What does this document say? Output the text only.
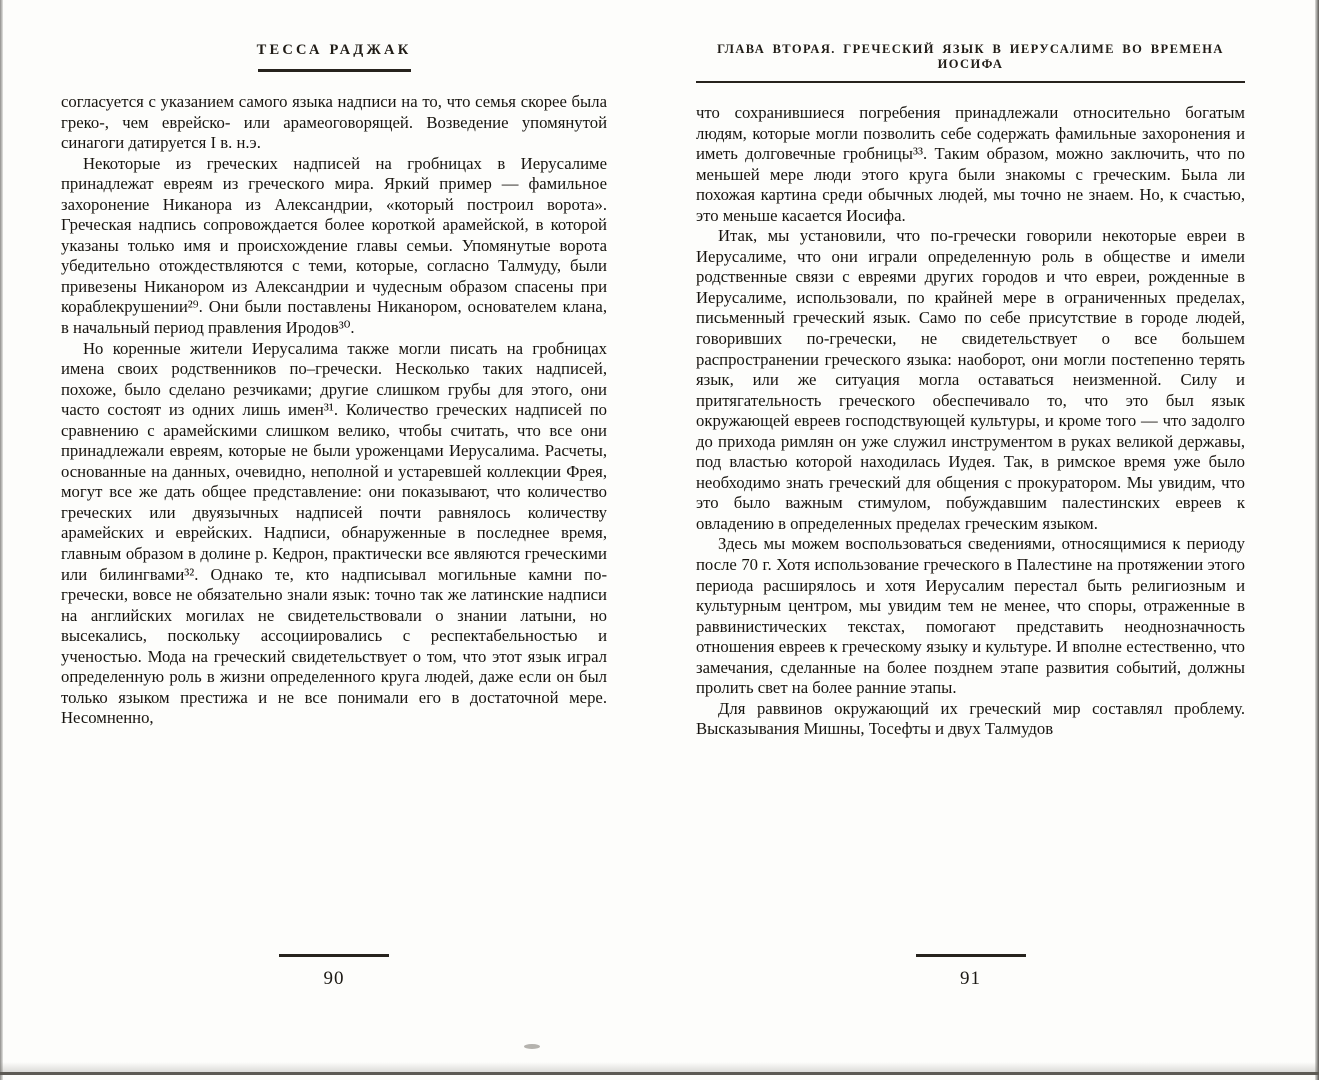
ТЕССА РАДЖАК

согласуется с указанием самого языка надписи на то, что семья скорее была греко-, чем еврейско- или арамеоговорящей. Возведение упомянутой синагоги датируется I в. н.э.

Некоторые из греческих надписей на гробницах в Иерусалиме принадлежат евреям из греческого мира. Яркий пример — фамильное захоронение Никанора из Александрии, «который построил ворота». Греческая надпись сопровождается более короткой арамейской, в которой указаны только имя и происхождение главы семьи. Упомянутые ворота убедительно отождествляются с теми, которые, согласно Талмуду, были привезены Никанором из Александрии и чудесным образом спасены при кораблекрушении²⁹. Они были поставлены Никанором, основателем клана, в начальный период правления Иродов³⁰.

Но коренные жители Иерусалима также могли писать на гробницах имена своих родственников по–гречески. Несколько таких надписей, похоже, было сделано резчиками; другие слишком грубы для этого, они часто состоят из одних лишь имен³¹. Количество греческих надписей по сравнению с арамейскими слишком велико, чтобы считать, что все они принадлежали евреям, которые не были уроженцами Иерусалима. Расчеты, основанные на данных, очевидно, неполной и устаревшей коллекции Фрея, могут все же дать общее представление: они показывают, что количество греческих или двуязычных надписей почти равнялось количеству арамейских и еврейских. Надписи, обнаруженные в последнее время, главным образом в долине р. Кедрон, практически все являются греческими или билингвами³². Однако те, кто надписывал могильные камни по-гречески, вовсе не обязательно знали язык: точно так же латинские надписи на английских могилах не свидетельствовали о знании латыни, но высекались, поскольку ассоциировались с респектабельностью и ученостью. Мода на греческий свидетельствует о том, что этот язык играл определенную роль в жизни определенного круга людей, даже если он был только языком престижа и не все понимали его в достаточной мере. Несомненно,

90
ГЛАВА ВТОРАЯ. ГРЕЧЕСКИЙ ЯЗЫК В ИЕРУСАЛИМЕ ВО ВРЕМЕНА ИОСИФА

что сохранившиеся погребения принадлежали относительно богатым людям, которые могли позволить себе содержать фамильные захоронения и иметь долговечные гробницы³³. Таким образом, можно заключить, что по меньшей мере люди этого круга были знакомы с греческим. Была ли похожая картина среди обычных людей, мы точно не знаем. Но, к счастью, это меньше касается Иосифа.

Итак, мы установили, что по-гречески говорили некоторые евреи в Иерусалиме, что они играли определенную роль в обществе и имели родственные связи с евреями других городов и что евреи, рожденные в Иерусалиме, использовали, по крайней мере в ограниченных пределах, письменный греческий язык. Само по себе присутствие в городе людей, говоривших по-гречески, не свидетельствует о все большем распространении греческого языка: наоборот, они могли постепенно терять язык, или же ситуация могла оставаться неизменной. Силу и притягательность греческого обеспечивало то, что это был язык окружающей евреев господствующей культуры, и кроме того — что задолго до прихода римлян он уже служил инструментом в руках великой державы, под властью которой находилась Иудея. Так, в римское время уже было необходимо знать греческий для общения с прокуратором. Мы увидим, что это было важным стимулом, побуждавшим палестинских евреев к овладению в определенных пределах греческим языком.

Здесь мы можем воспользоваться сведениями, относящимися к периоду после 70 г. Хотя использование греческого в Палестине на протяжении этого периода расширялось и хотя Иерусалим перестал быть религиозным и культурным центром, мы увидим тем не менее, что споры, отраженные в раввинистических текстах, помогают представить неоднозначность отношения евреев к греческому языку и культуре. И вполне естественно, что замечания, сделанные на более позднем этапе развития событий, должны пролить свет на более ранние этапы.

Для раввинов окружающий их греческий мир составлял проблему. Высказывания Мишны, Тосефты и двух Талмудов

91
